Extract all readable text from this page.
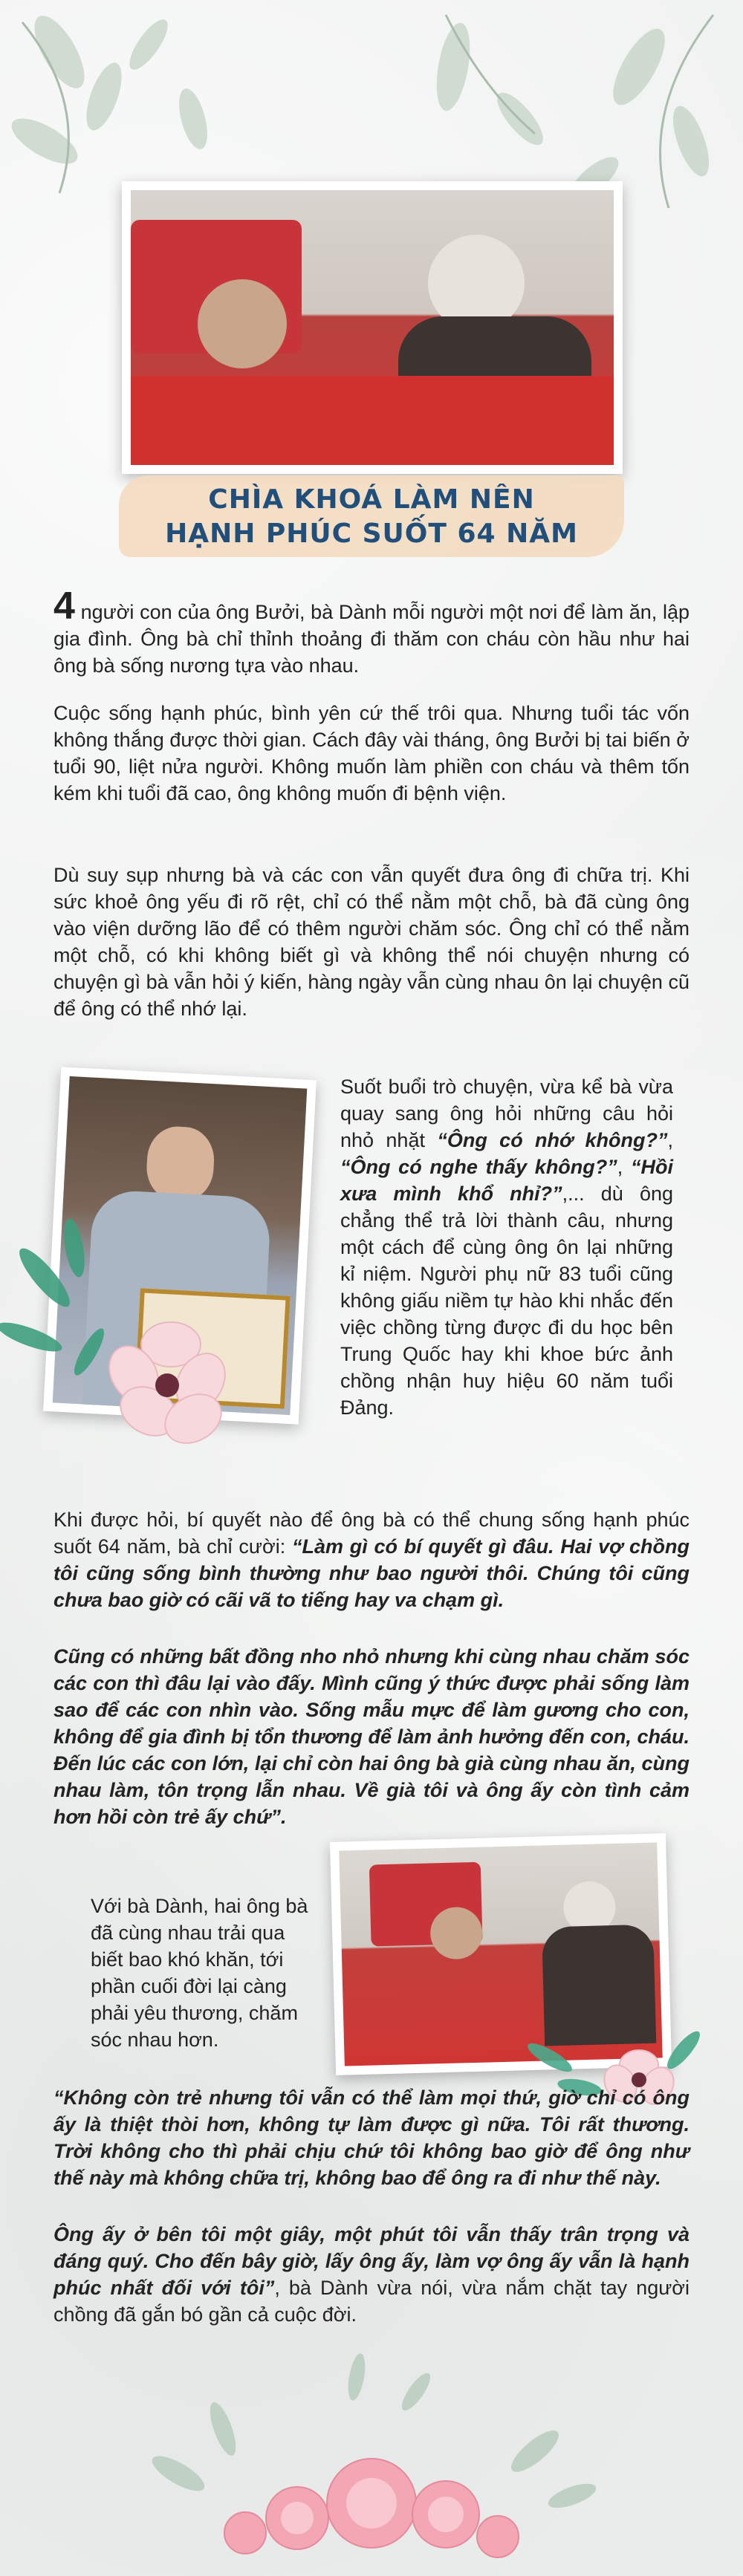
CHÌA KHOÁ LÀM NÊN
HẠNH PHÚC SUỐT 64 NĂM
4 người con của ông Bưởi, bà Dành mỗi người một nơi để làm ăn, lập gia đình. Ông bà chỉ thỉnh thoảng đi thăm con cháu còn hầu như hai ông bà sống nương tựa vào nhau.
Cuộc sống hạnh phúc, bình yên cứ thế trôi qua. Nhưng tuổi tác vốn không thắng được thời gian. Cách đây vài tháng, ông Bưởi bị tai biến ở tuổi 90, liệt nửa người. Không muốn làm phiền con cháu và thêm tốn kém khi tuổi đã cao, ông không muốn đi bệnh viện.
Dù suy sụp nhưng bà và các con vẫn quyết đưa ông đi chữa trị. Khi sức khoẻ ông yếu đi rõ rệt, chỉ có thể nằm một chỗ, bà đã cùng ông vào viện dưỡng lão để có thêm người chăm sóc. Ông chỉ có thể nằm một chỗ, có khi không biết gì và không thể nói chuyện nhưng có chuyện gì bà vẫn hỏi ý kiến, hàng ngày vẫn cùng nhau ôn lại chuyện cũ để ông có thể nhớ lại.
Suốt buổi trò chuyện, vừa kể bà vừa quay sang ông hỏi những câu hỏi nhỏ nhặt “Ông có nhớ không?”, “Ông có nghe thấy không?”, “Hồi xưa mình khổ nhỉ?”,... dù ông chẳng thể trả lời thành câu, nhưng một cách để cùng ông ôn lại những kỉ niệm. Người phụ nữ 83 tuổi cũng không giấu niềm tự hào khi nhắc đến việc chồng từng được đi du học bên Trung Quốc hay khi khoe bức ảnh chồng nhận huy hiệu 60 năm tuổi Đảng.
Khi được hỏi, bí quyết nào để ông bà có thể chung sống hạnh phúc suốt 64 năm, bà chỉ cười: “Làm gì có bí quyết gì đâu. Hai vợ chồng tôi cũng sống bình thường như bao người thôi. Chúng tôi cũng chưa bao giờ có cãi vã to tiếng hay va chạm gì.
Cũng có những bất đồng nho nhỏ nhưng khi cùng nhau chăm sóc các con thì đâu lại vào đấy. Mình cũng ý thức được phải sống làm sao để các con nhìn vào. Sống mẫu mực để làm gương cho con, không để gia đình bị tổn thương để làm ảnh hưởng đến con, cháu. Đến lúc các con lớn, lại chỉ còn hai ông bà già cùng nhau ăn, cùng nhau làm, tôn trọng lẫn nhau. Về già tôi và ông ấy còn tình cảm hơn hồi còn trẻ ấy chứ”.
Với bà Dành, hai ông bà đã cùng nhau trải qua biết bao khó khăn, tới phần cuối đời lại càng phải yêu thương, chăm sóc nhau hơn.
“Không còn trẻ nhưng tôi vẫn có thể làm mọi thứ, giờ chỉ có ông ấy là thiệt thòi hơn, không tự làm được gì nữa. Tôi rất thương. Trời không cho thì phải chịu chứ tôi không bao giờ để ông như thế này mà không chữa trị, không bao để ông ra đi như thế này.
Ông ấy ở bên tôi một giây, một phút tôi vẫn thấy trân trọng và đáng quý. Cho đến bây giờ, lấy ông ấy, làm vợ ông ấy vẫn là hạnh phúc nhất đối với tôi”, bà Dành vừa nói, vừa nắm chặt tay người chồng đã gắn bó gần cả cuộc đời.
